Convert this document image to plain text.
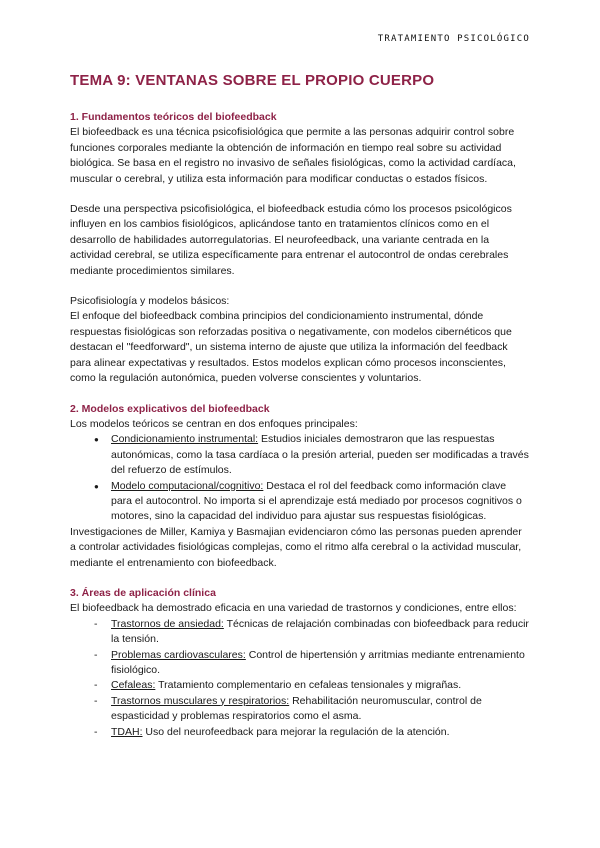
TRATAMIENTO PSICOLÓGICO
TEMA 9: VENTANAS SOBRE EL PROPIO CUERPO
1. Fundamentos teóricos del biofeedback

El biofeedback es una técnica psicofisiológica que permite a las personas adquirir control sobre funciones corporales mediante la obtención de información en tiempo real sobre su actividad biológica. Se basa en el registro no invasivo de señales fisiológicas, como la actividad cardíaca, muscular o cerebral, y utiliza esta información para modificar conductas o estados físicos.

Desde una perspectiva psicofisiológica, el biofeedback estudia cómo los procesos psicológicos influyen en los cambios fisiológicos, aplicándose tanto en tratamientos clínicos como en el desarrollo de habilidades autorregulatorias. El neurofeedback, una variante centrada en la actividad cerebral, se utiliza específicamente para entrenar el autocontrol de ondas cerebrales mediante procedimientos similares.

Psicofisiología y modelos básicos:

El enfoque del biofeedback combina principios del condicionamiento instrumental, dónde respuestas fisiológicas son reforzadas positiva o negativamente, con modelos cibernéticos que destacan el "feedforward", un sistema interno de ajuste que utiliza la información del feedback para alinear expectativas y resultados. Estos modelos explican cómo procesos inconscientes, como la regulación autonómica, pueden volverse conscientes y voluntarios.

2. Modelos explicativos del biofeedback

Los modelos teóricos se centran en dos enfoques principales:

●	Condicionamiento instrumental: Estudios iniciales demostraron que las respuestas autonómicas, como la tasa cardíaca o la presión arterial, pueden ser modificadas a través del refuerzo de estímulos.
●	Modelo computacional/cognitivo: Destaca el rol del feedback como información clave para el autocontrol. No importa si el aprendizaje está mediado por procesos cognitivos o motores, sino la capacidad del individuo para ajustar sus respuestas fisiológicas.

Investigaciones de Miller, Kamiya y Basmajian evidenciaron cómo las personas pueden aprender a controlar actividades fisiológicas complejas, como el ritmo alfa cerebral o la actividad muscular, mediante el entrenamiento con biofeedback.

3. Áreas de aplicación clínica

El biofeedback ha demostrado eficacia en una variedad de trastornos y condiciones, entre ellos:

-	Trastornos de ansiedad: Técnicas de relajación combinadas con biofeedback para reducir la tensión.
-	Problemas cardiovasculares: Control de hipertensión y arritmias mediante entrenamiento fisiológico.
-	Cefaleas: Tratamiento complementario en cefaleas tensionales y migrañas.
-	Trastornos musculares y respiratorios: Rehabilitación neuromuscular, control de espasticidad y problemas respiratorios como el asma.
-	TDAH: Uso del neurofeedback para mejorar la regulación de la atención.
